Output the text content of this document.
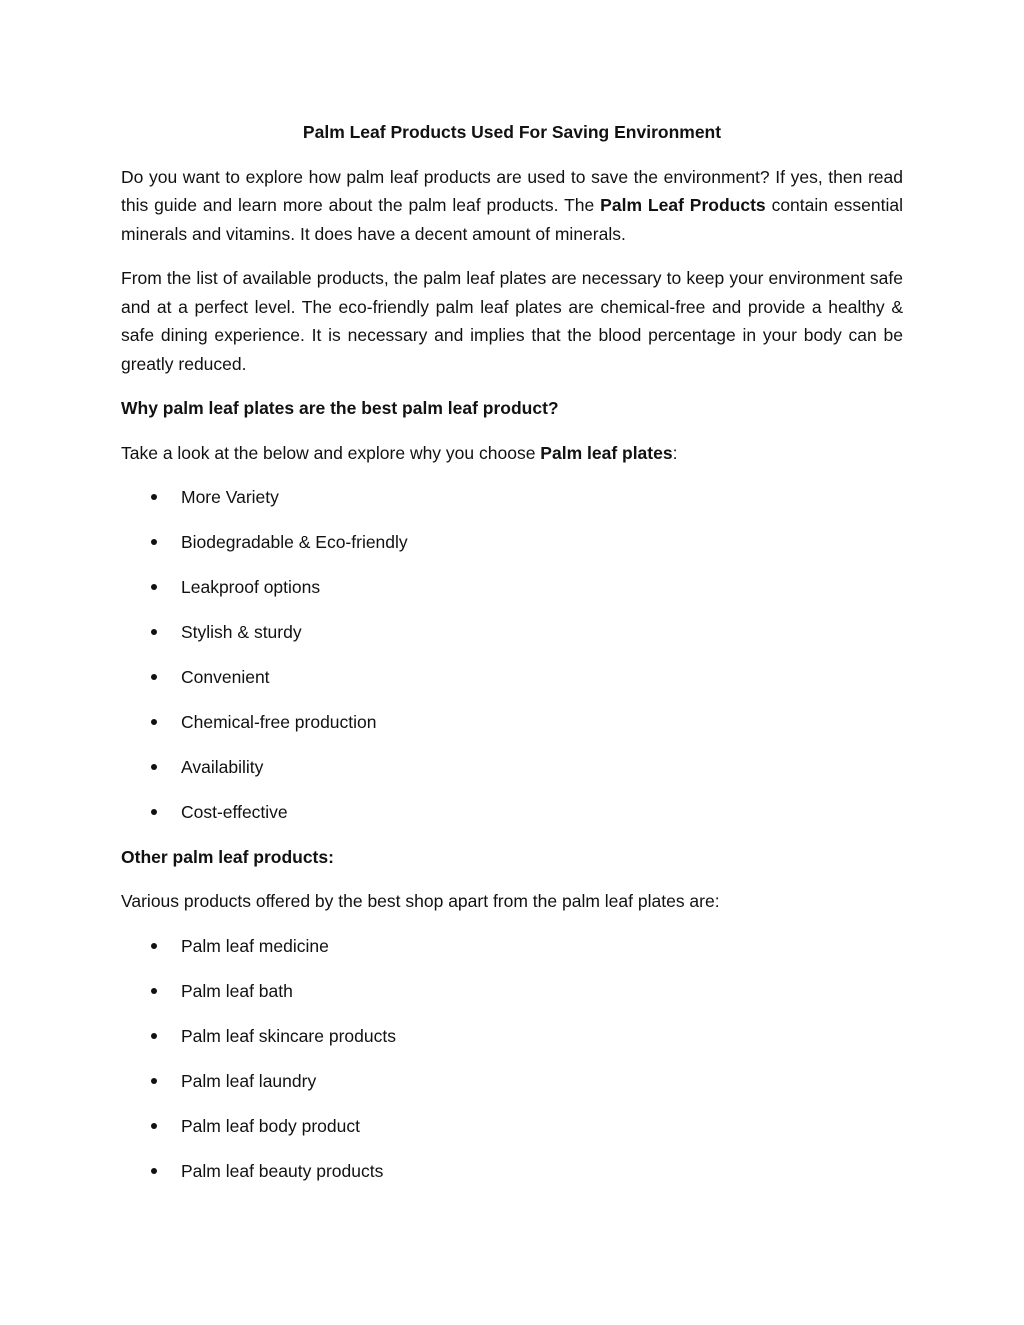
Palm Leaf Products Used For Saving Environment

Do you want to explore how palm leaf products are used to save the environment? If yes, then read this guide and learn more about the palm leaf products. The Palm Leaf Products contain essential minerals and vitamins. It does have a decent amount of minerals.

From the list of available products, the palm leaf plates are necessary to keep your environment safe and at a perfect level. The eco-friendly palm leaf plates are chemical-free and provide a healthy & safe dining experience. It is necessary and implies that the blood percentage in your body can be greatly reduced.

Why palm leaf plates are the best palm leaf product?

Take a look at the below and explore why you choose Palm leaf plates:

More Variety
Biodegradable & Eco-friendly
Leakproof options
Stylish & sturdy
Convenient
Chemical-free production
Availability
Cost-effective
Other palm leaf products:

Various products offered by the best shop apart from the palm leaf plates are:

Palm leaf medicine
Palm leaf bath
Palm leaf skincare products
Palm leaf laundry
Palm leaf body product
Palm leaf beauty products
